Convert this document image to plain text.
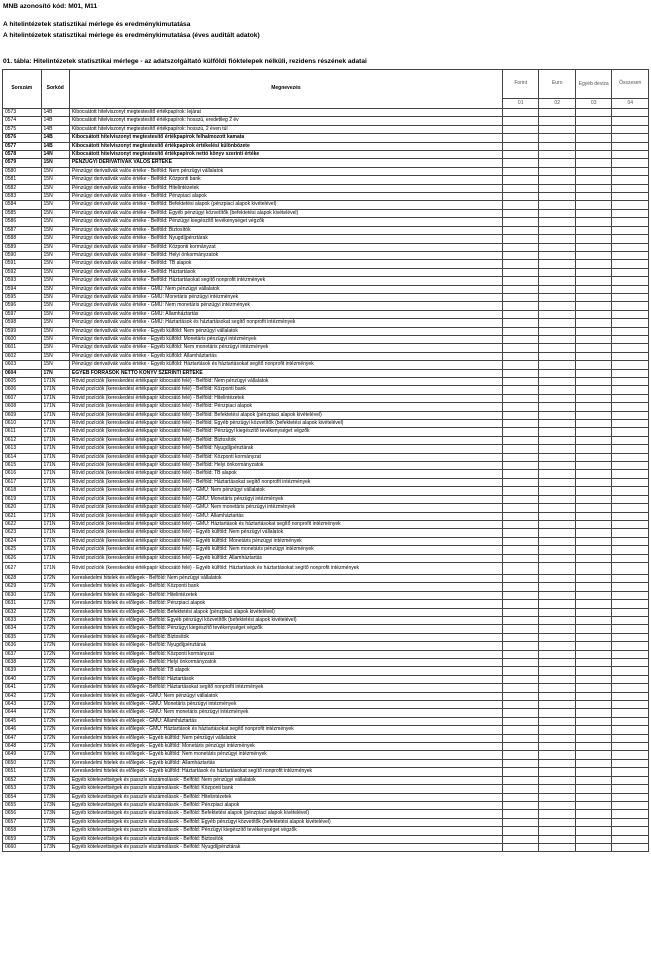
MNB azonosító kód: M01, M11
A hitelintézetek statisztikai mérlege és eredménykimutatása
A hitelintézetek statisztikai mérlege és eredménykimutatása (éves auditált adatok)
01. tábla: Hitelintézetek statisztikai mérlege - az adatszolgáltató külföldi fióktelepek nélküli, rezidens részének adatai
Sorszám	Sorkód	Megnevezés	Forint	Euro	Egyéb deviza	Összesen
			01	02	03	04
0573	14B	Kibocsátott hitelviszonyt megtestesítő értékpapírok: lejárat				
0574	14B	Kibocsátott hitelviszonyt megtestesítő értékpapírok: hosszú, eredetileg 2 év				
0575	14B	Kibocsátott hitelviszonyt megtestesítő értékpapírok: hosszú, 2 éven túl				
0576	14B	Kibocsátott hitelviszonyt megtestesítő értékpapírok felhalmozott kamata				
0577	14B	Kibocsátott hitelviszonyt megtestesítő értékpapírok értékelési különbözete				
0578	14N	Kibocsátott hitelviszonyt megtestesítő értékpapírok nettó könyv szerinti értéke				
0579	15N	PÉNZÜGYI DERIVATÍVÁK VALÓS ÉRTÉKE				
0580	15N	Pénzügyi derivatívák valós értéke - Belföld: Nem pénzügyi vállalatok				
0581	15N	Pénzügyi derivatívák valós értéke - Belföld: Központi bank				
0582	15N	Pénzügyi derivatívák valós értéke - Belföld: Hitelintézetek				
0583	15N	Pénzügyi derivatívák valós értéke - Belföld: Pénzpiaci alapok				
0584	15N	Pénzügyi derivatívák valós értéke - Belföld: Befektetési alapok (pénzpiaci alapok kivételével)				
0585	15N	Pénzügyi derivatívák valós értéke - Belföld: Egyéb pénzügyi közvetítők (befektetési alapok kivételével)				
0586	15N	Pénzügyi derivatívák valós értéke - Belföld: Pénzügyi kiegészítő tevékenységet végzők				
0587	15N	Pénzügyi derivatívák valós értéke - Belföld: Biztosítók				
0588	15N	Pénzügyi derivatívák valós értéke - Belföld: Nyugdíjpénztárak				
0589	15N	Pénzügyi derivatívák valós értéke - Belföld: Központi kormányzat				
0590	15N	Pénzügyi derivatívák valós értéke - Belföld: Helyi önkormányzatok				
0591	15N	Pénzügyi derivatívák valós értéke - Belföld: TB alapok				
0592	15N	Pénzügyi derivatívák valós értéke - Belföld: Háztartások				
0593	15N	Pénzügyi derivatívák valós értéke - Belföld: Háztartásokat segítő nonprofit intézmények				
0594	15N	Pénzügyi derivatívák valós értéke - GMU: Nem pénzügyi vállalatok				
0595	15N	Pénzügyi derivatívák valós értéke - GMU: Monetáris pénzügyi intézmények				
0596	15N	Pénzügyi derivatívák valós értéke - GMU: Nem monetáris pénzügyi intézmények				
0597	15N	Pénzügyi derivatívák valós értéke - GMU: Államháztartás				
0598	15N	Pénzügyi derivatívák valós értéke - GMU: Háztartások és háztartásokat segítő nonprofit intézmények				
0599	15N	Pénzügyi derivatívák valós értéke - Egyéb külföld: Nem pénzügyi vállalatok				
0600	15N	Pénzügyi derivatívák valós értéke - Egyéb külföld: Monetáris pénzügyi intézmények				
0601	15N	Pénzügyi derivatívák valós értéke - Egyéb külföld: Nem monetáris pénzügyi intézmények				
0602	15N	Pénzügyi derivatívák valós értéke - Egyéb külföld: Államháztartás				
0603	15N	Pénzügyi derivatívák valós értéke - Egyéb külföld: Háztartások és háztartásokat segítő nonprofit intézmények				
0604	17N	EGYÉB FORRÁSOK NETTÓ KÖNYV SZERINTI ÉRTÉKE				
0605	171N	Rövid pozíciók (kereskedési értékpapír kibocsátó felé) - Belföld: Nem pénzügyi vállalatok				
0606	171N	Rövid pozíciók (kereskedési értékpapír kibocsátó felé) - Belföld: Központi bank				
0607	171N	Rövid pozíciók (kereskedési értékpapír kibocsátó felé) - Belföld: Hitelintézetek				
0608	171N	Rövid pozíciók (kereskedési értékpapír kibocsátó felé) - Belföld: Pénzpiaci alapok				
0609	171N	Rövid pozíciók (kereskedési értékpapír kibocsátó felé) - Belföld: Befektetési alapok (pénzpiaci alapok kivételével)				
0610	171N	Rövid pozíciók (kereskedési értékpapír kibocsátó felé) - Belföld: Egyéb pénzügyi közvetítők (befektetési alapok kivételével)				
0611	171N	Rövid pozíciók (kereskedési értékpapír kibocsátó felé) - Belföld: Pénzügyi kiegészítő tevékenységet végzők				
0612	171N	Rövid pozíciók (kereskedési értékpapír kibocsátó felé) - Belföld: Biztosítók				
0613	171N	Rövid pozíciók (kereskedési értékpapír kibocsátó felé) - Belföld: Nyugdíjpénztárak				
0614	171N	Rövid pozíciók (kereskedési értékpapír kibocsátó felé) - Belföld: Központi kormányzat				
0615	171N	Rövid pozíciók (kereskedési értékpapír kibocsátó felé) - Belföld: Helyi önkormányzatok				
0616	171N	Rövid pozíciók (kereskedési értékpapír kibocsátó felé) - Belföld: TB alapok				
0617	171N	Rövid pozíciók (kereskedési értékpapír kibocsátó felé) - Belföld: Háztartásokat segítő nonprofit intézmények				
0618	171N	Rövid pozíciók (kereskedési értékpapír kibocsátó felé) - GMU: Nem pénzügyi vállalatok				
0619	171N	Rövid pozíciók (kereskedési értékpapír kibocsátó felé) - GMU: Monetáris pénzügyi intézmények				
0620	171N	Rövid pozíciók (kereskedési értékpapír kibocsátó felé) - GMU: Nem monetáris pénzügyi intézmények				
0621	171N	Rövid pozíciók (kereskedési értékpapír kibocsátó felé) - GMU: Államháztartás				
0622	171N	Rövid pozíciók (kereskedési értékpapír kibocsátó felé) - GMU: Háztartások és háztartásokat segítő nonprofit intézmények				
0623	171N	Rövid pozíciók (kereskedési értékpapír kibocsátó felé) - Egyéb külföld: Nem pénzügyi vállalatok				
0624	171N	Rövid pozíciók (kereskedési értékpapír kibocsátó felé) - Egyéb külföld: Monetáris pénzügyi intézmények				
0625	171N	Rövid pozíciók (kereskedési értékpapír kibocsátó felé) - Egyéb külföld: Nem monetáris pénzügyi intézmények				
0626	171N	Rövid pozíciók (kereskedési értékpapír kibocsátó felé) - Egyéb külföld: Államháztartás				
0627	171N	Rövid pozíciók (kereskedési értékpapír kibocsátó felé) - Egyéb külföld: Háztartások és háztartásokat segítő nonprofit intézmények				
0628	172N	Kereskedelmi hitelek és előlegek - Belföld: Nem pénzügyi vállalatok				
0629	172N	Kereskedelmi hitelek és előlegek - Belföld: Központi bank				
0630	172N	Kereskedelmi hitelek és előlegek - Belföld: Hitelintézetek				
0631	172N	Kereskedelmi hitelek és előlegek - Belföld: Pénzpiaci alapok				
0632	172N	Kereskedelmi hitelek és előlegek - Belföld: Befektetési alapok (pénzpiaci alapok kivételével)				
0633	172N	Kereskedelmi hitelek és előlegek - Belföld: Egyéb pénzügyi közvetítők (befektetési alapok kivételével)				
0634	172N	Kereskedelmi hitelek és előlegek - Belföld: Pénzügyi kiegészítő tevékenységet végzők				
0635	172N	Kereskedelmi hitelek és előlegek - Belföld: Biztosítók				
0636	172N	Kereskedelmi hitelek és előlegek - Belföld: Nyugdíjpénztárak				
0637	172N	Kereskedelmi hitelek és előlegek - Belföld: Központi kormányzat				
0638	172N	Kereskedelmi hitelek és előlegek - Belföld: Helyi önkormányzatok				
0639	172N	Kereskedelmi hitelek és előlegek - Belföld: TB alapok				
0640	172N	Kereskedelmi hitelek és előlegek - Belföld: Háztartások				
0641	172N	Kereskedelmi hitelek és előlegek - Belföld: Háztartásokat segítő nonprofit intézmények				
0642	172N	Kereskedelmi hitelek és előlegek - GMU: Nem pénzügyi vállalatok				
0643	172N	Kereskedelmi hitelek és előlegek - GMU: Monetáris pénzügyi intézmények				
0644	172N	Kereskedelmi hitelek és előlegek - GMU: Nem monetáris pénzügyi intézmények				
0645	172N	Kereskedelmi hitelek és előlegek - GMU: Államháztartás				
0646	172N	Kereskedelmi hitelek és előlegek - GMU: Háztartások és háztartásokat segítő nonprofit intézmények				
0647	172N	Kereskedelmi hitelek és előlegek - Egyéb külföld: Nem pénzügyi vállalatok				
0648	172N	Kereskedelmi hitelek és előlegek - Egyéb külföld: Monetáris pénzügyi intézmények				
0649	172N	Kereskedelmi hitelek és előlegek - Egyéb külföld: Nem monetáris pénzügyi intézmények				
0650	172N	Kereskedelmi hitelek és előlegek - Egyéb külföld: Államháztartás				
0651	172N	Kereskedelmi hitelek és előlegek - Egyéb külföld: Háztartások és háztartásokat segítő nonprofit intézmények				
0652	173N	Egyéb kötelezettségek és passzív elszámolások - Belföld: Nem pénzügyi vállalatok				
0653	173N	Egyéb kötelezettségek és passzív elszámolások - Belföld: Központi bank				
0654	173N	Egyéb kötelezettségek és passzív elszámolások - Belföld: Hitelintézetek				
0655	173N	Egyéb kötelezettségek és passzív elszámolások - Belföld: Pénzpiaci alapok				
0656	173N	Egyéb kötelezettségek és passzív elszámolások - Belföld: Befektetési alapok (pénzpiaci alapok kivételével)				
0657	173N	Egyéb kötelezettségek és passzív elszámolások - Belföld: Egyéb pénzügyi közvetítők (befektetési alapok kivételével)				
0658	173N	Egyéb kötelezettségek és passzív elszámolások - Belföld: Pénzügyi kiegészítő tevékenységet végzők				
0659	173N	Egyéb kötelezettségek és passzív elszámolások - Belföld: Biztosítók				
0660	173N	Egyéb kötelezettségek és passzív elszámolások - Belföld: Nyugdíjpénztárak				
